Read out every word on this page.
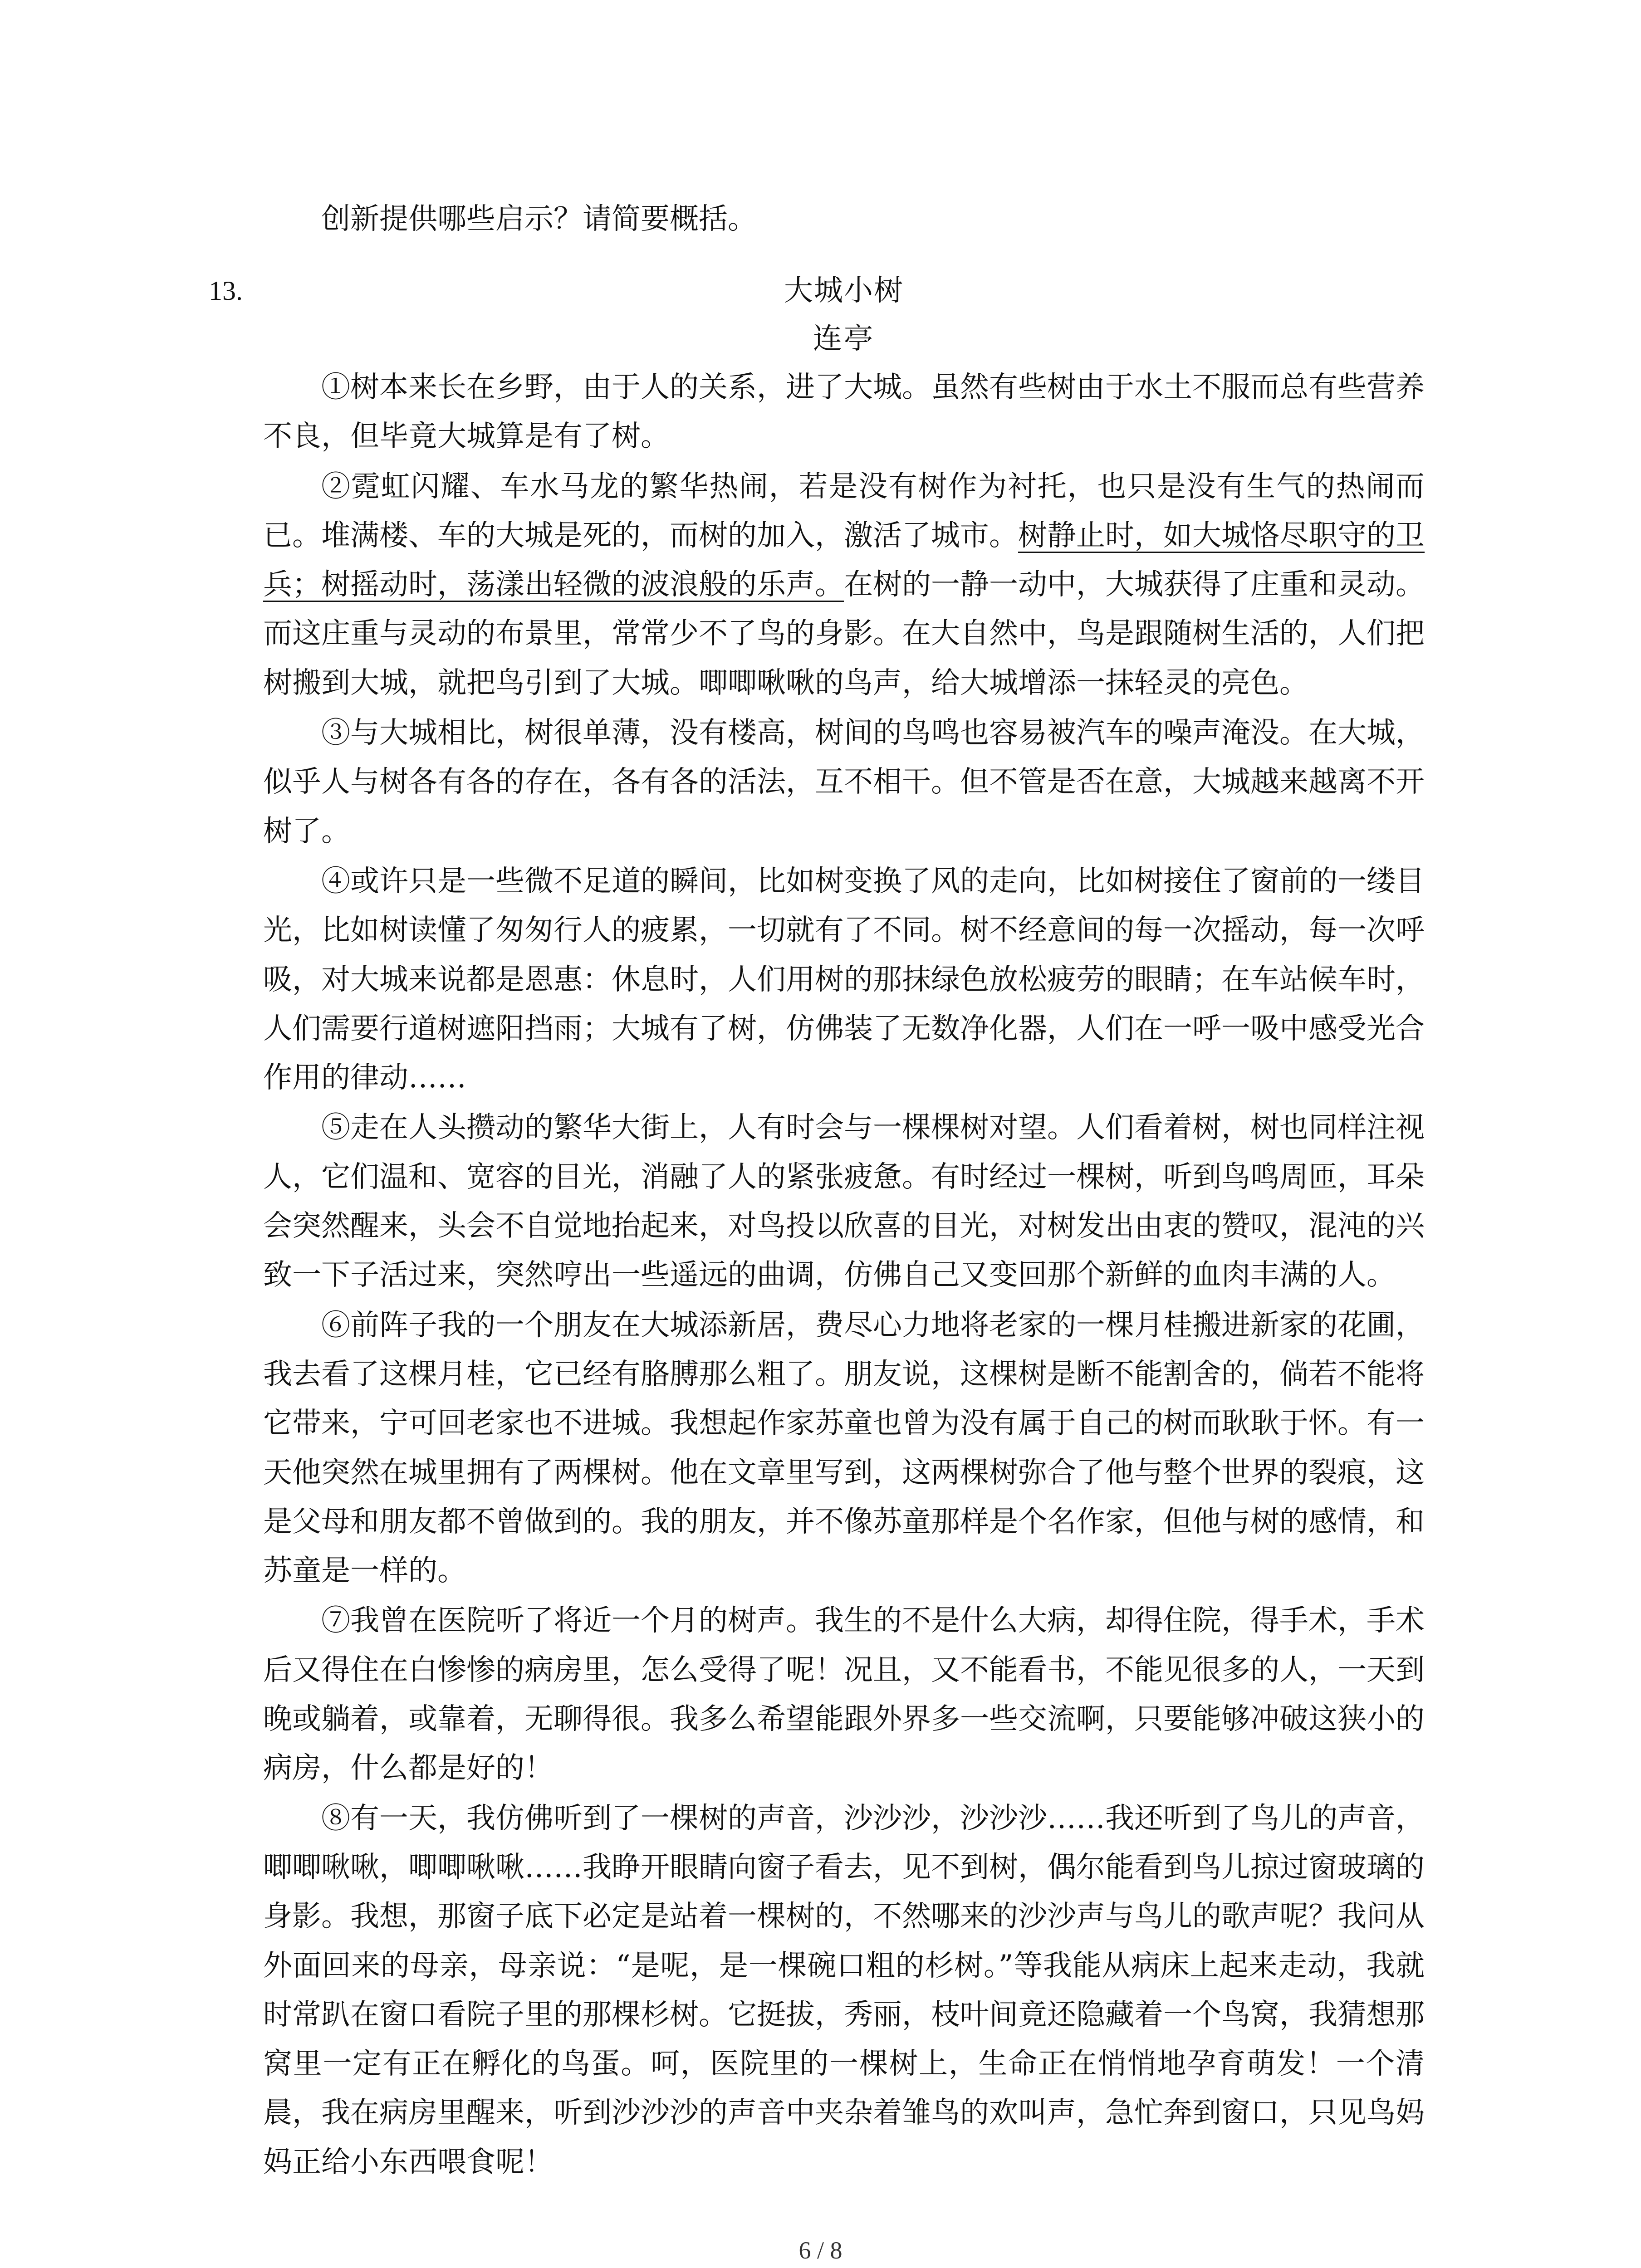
创新提供哪些启示？请简要概括。

13.	大城小树

连亭

①树本来长在乡野，由于人的关系，进了大城。虽然有些树由于水土不服而总有些营养不良，但毕竟大城算是有了树。

②霓虹闪耀、车水马龙的繁华热闹，若是没有树作为衬托，也只是没有生气的热闹而已。堆满楼、车的大城是死的，而树的加入，激活了城市。树静止时，如大城恪尽职守的卫兵；树摇动时，荡漾出轻微的波浪般的乐声。在树的一静一动中，大城获得了庄重和灵动。而这庄重与灵动的布景里，常常少不了鸟的身影。在大自然中，鸟是跟随树生活的，人们把树搬到大城，就把鸟引到了大城。唧唧啾啾的鸟声，给大城增添一抹轻灵的亮色。

③与大城相比，树很单薄，没有楼高，树间的鸟鸣也容易被汽车的噪声淹没。在大城，似乎人与树各有各的存在，各有各的活法，互不相干。但不管是否在意，大城越来越离不开树了。

④或许只是一些微不足道的瞬间，比如树变换了风的走向，比如树接住了窗前的一缕目光，比如树读懂了匆匆行人的疲累，一切就有了不同。树不经意间的每一次摇动，每一次呼吸，对大城来说都是恩惠：休息时，人们用树的那抹绿色放松疲劳的眼睛；在车站候车时，人们需要行道树遮阳挡雨；大城有了树，仿佛装了无数净化器，人们在一呼一吸中感受光合作用的律动……

⑤走在人头攒动的繁华大街上，人有时会与一棵棵树对望。人们看着树，树也同样注视人，它们温和、宽容的目光，消融了人的紧张疲惫。有时经过一棵树，听到鸟鸣周匝，耳朵会突然醒来，头会不自觉地抬起来，对鸟投以欣喜的目光，对树发出由衷的赞叹，混沌的兴致一下子活过来，突然哼出一些遥远的曲调，仿佛自己又变回那个新鲜的血肉丰满的人。

⑥前阵子我的一个朋友在大城添新居，费尽心力地将老家的一棵月桂搬进新家的花圃，我去看了这棵月桂，它已经有胳膊那么粗了。朋友说，这棵树是断不能割舍的，倘若不能将它带来，宁可回老家也不进城。我想起作家苏童也曾为没有属于自己的树而耿耿于怀。有一天他突然在城里拥有了两棵树。他在文章里写到，这两棵树弥合了他与整个世界的裂痕，这是父母和朋友都不曾做到的。我的朋友，并不像苏童那样是个名作家，但他与树的感情，和苏童是一样的。

⑦我曾在医院听了将近一个月的树声。我生的不是什么大病，却得住院，得手术，手术后又得住在白惨惨的病房里，怎么受得了呢！况且，又不能看书，不能见很多的人，一天到晚或躺着，或靠着，无聊得很。我多么希望能跟外界多一些交流啊，只要能够冲破这狭小的病房，什么都是好的！

⑧有一天，我仿佛听到了一棵树的声音，沙沙沙，沙沙沙……我还听到了鸟儿的声音，唧唧啾啾，唧唧啾啾……我睁开眼睛向窗子看去，见不到树，偶尔能看到鸟儿掠过窗玻璃的身影。我想，那窗子底下必定是站着一棵树的，不然哪来的沙沙声与鸟儿的歌声呢？我问从外面回来的母亲，母亲说：“是呢，是一棵碗口粗的杉树。”等我能从病床上起来走动，我就时常趴在窗口看院子里的那棵杉树。它挺拔，秀丽，枝叶间竟还隐藏着一个鸟窝，我猜想那窝里一定有正在孵化的鸟蛋。呵，医院里的一棵树上，生命正在悄悄地孕育萌发！一个清晨，我在病房里醒来，听到沙沙沙的声音中夹杂着雏鸟的欢叫声，急忙奔到窗口，只见鸟妈妈正给小东西喂食呢！

6 / 8
